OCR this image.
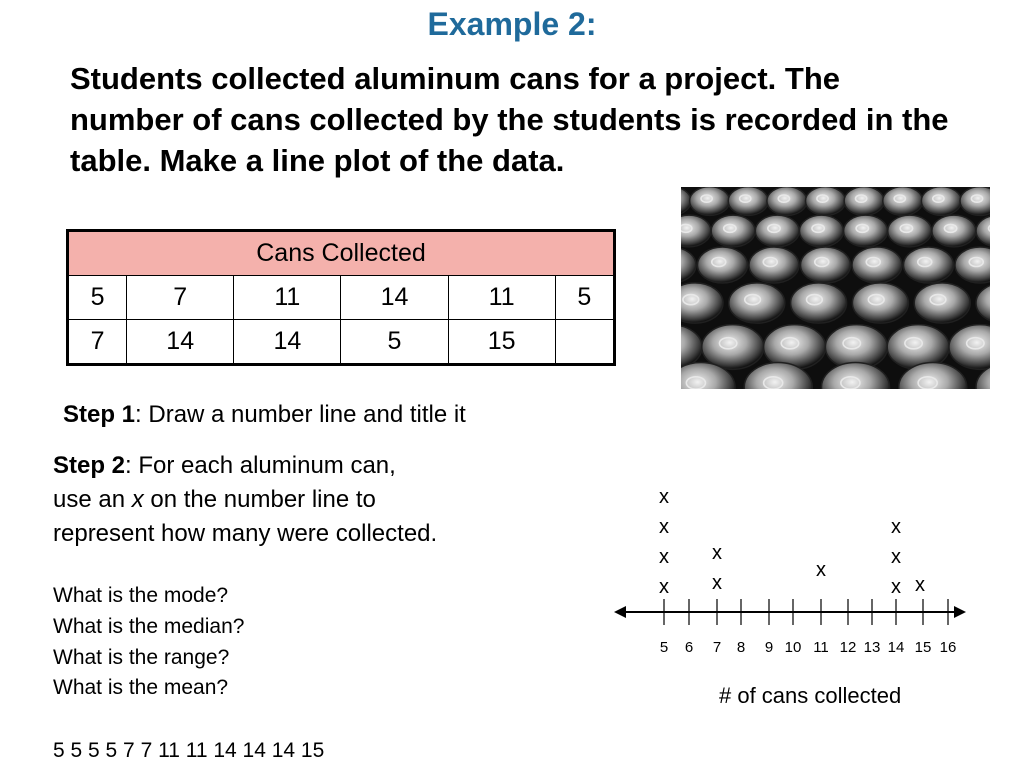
Example 2:
Students collected aluminum cans for a project. The number of cans collected by the students is recorded in the table. Make a line plot of the data.
Cans Collected					
5	7	11	14	11	5
7	14	14	5	15	
Step 1: Draw a number line and title it
Step 2: For each aluminum can,
use an x on the number line to
represent how many were collected.
What is the mode?
What is the median?
What is the range?
What is the mean?
5 5 5 5 7 7 11 11 14 14 14 15
5 6 7 8 9 10 11 12 13 14 15 16
x
x
x
x
x
x
x
x
x
x
x
# of cans collected
